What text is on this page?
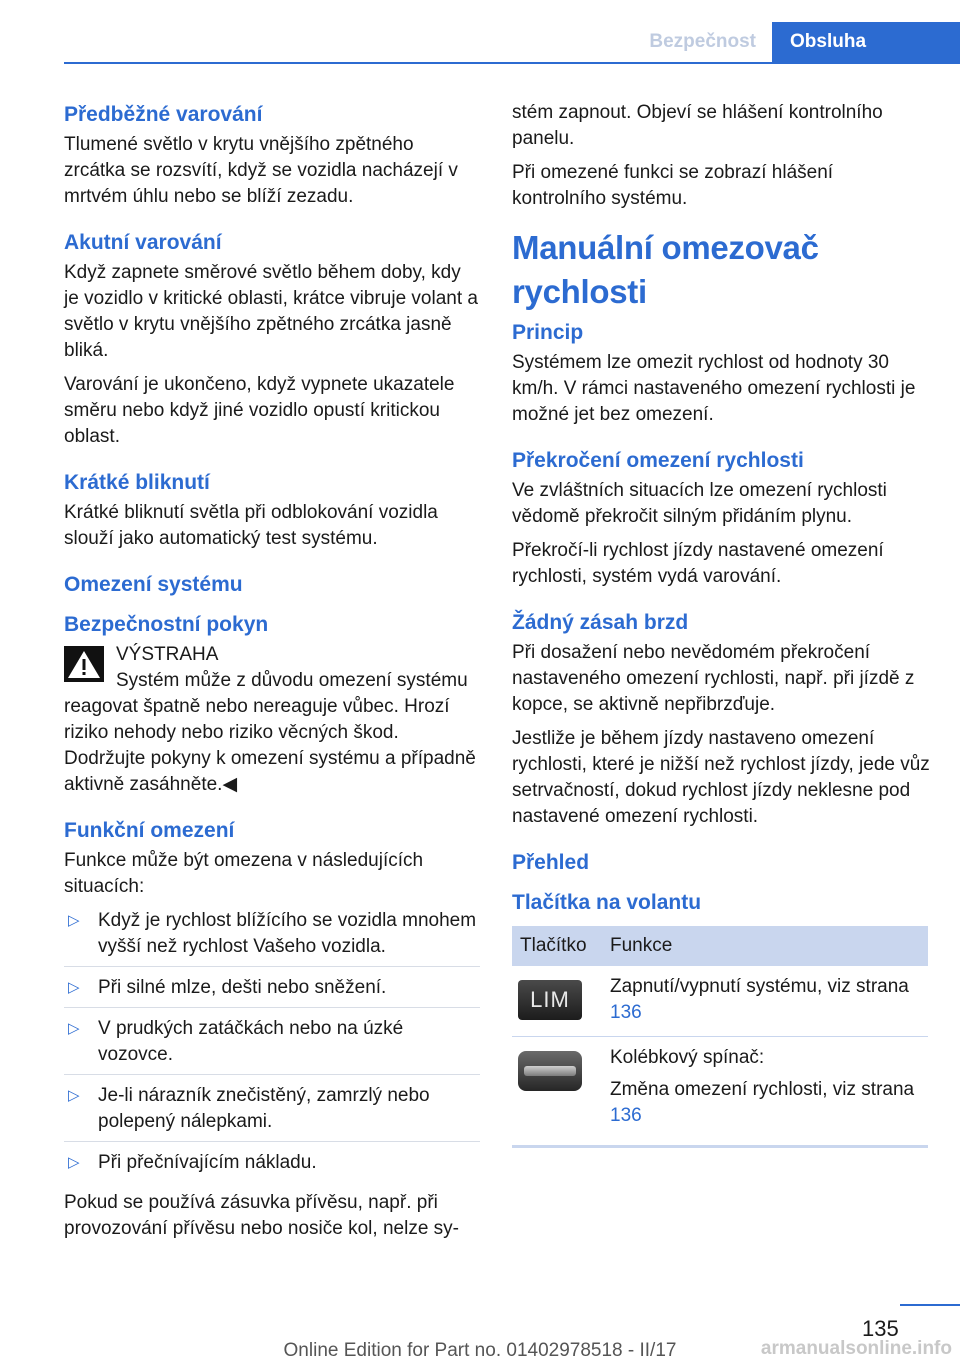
Bezpečnost	Obsluha
Předběžné varování

Tlumené světlo v krytu vnějšího zpětného zrcátka se rozsvítí, když se vozidla nacházejí v mrtvém úhlu nebo se blíží zezadu.

Akutní varování

Když zapnete směrové světlo během doby, kdy je vozidlo v kritické oblasti, krátce vibruje volant a světlo v krytu vnějšího zpětného zrcátka jasně bliká.

Varování je ukončeno, když vypnete ukazatele směru nebo když jiné vozidlo opustí kritickou oblast.

Krátké bliknutí

Krátké bliknutí světla při odblokování vozidla slouží jako automatický test systému.

Omezení systému
Bezpečnostní pokyn

VÝSTRAHA

Systém může z důvodu omezení systému reagovat špatně nebo nereaguje vůbec. Hrozí riziko nehody nebo riziko věcných škod. Dodržujte pokyny k omezení systému a případně aktivně zasáhněte.◀

Funkční omezení

Funkce může být omezena v následujících situacích:

▷ Když je rychlost blížícího se vozidla mnohem vyšší než rychlost Vašeho vozidla.
▷ Při silné mlze, dešti nebo sněžení.
▷ V prudkých zatáčkách nebo na úzké vozovce.
▷ Je-li nárazník znečistěný, zamrzlý nebo polepený nálepkami.
▷ Při přečnívajícím nákladu.

Pokud se používá zásuvka přívěsu, např. při provozování přívěsu nebo nosiče kol, nelze sy-

stém zapnout. Objeví se hlášení kontrolního panelu.

Při omezené funkci se zobrazí hlášení kontrolního systému.

Manuální omezovač rychlosti
Princip

Systémem lze omezit rychlost od hodnoty 30 km/h. V rámci nastaveného omezení rychlosti je možné jet bez omezení.

Překročení omezení rychlosti

Ve zvláštních situacích lze omezení rychlosti vědomě překročit silným přidáním plynu.

Překročí-li rychlost jízdy nastavené omezení rychlosti, systém vydá varování.

Žádný zásah brzd

Při dosažení nebo nevědomém překročení nastaveného omezení rychlosti, např. při jízdě z kopce, se aktivně nepřibrzďuje.

Jestliže je během jízdy nastaveno omezení rychlosti, které je nižší než rychlost jízdy, jede vůz setrvačností, dokud rychlost jízdy neklesne pod nastavené omezení rychlosti.

Přehled
Tlačítka na volantu
Tlačítko	Funkce

LIM	Zapnutí/vypnutí systému, viz strana 136

	Kolébkový spínač:

Změna omezení rychlosti, viz strana 136

135
Online Edition for Part no. 01402978518 - II/17	armanualsonline.info
